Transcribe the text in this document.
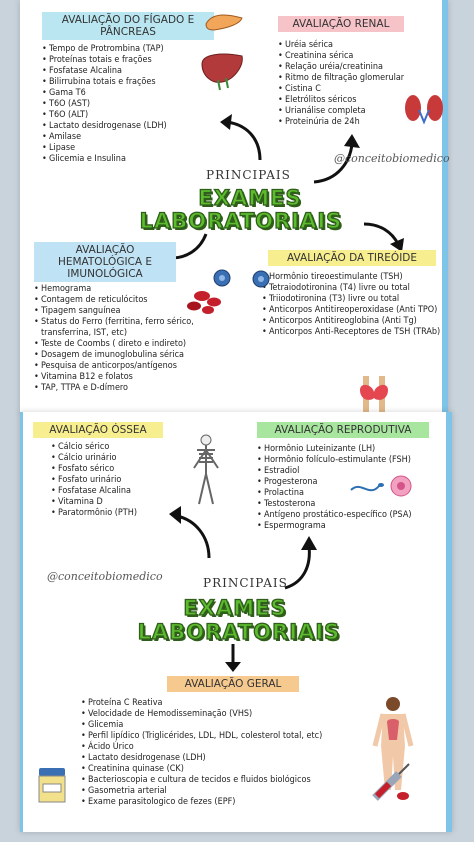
AVALIAÇÃO DO FÍGADO E PÂNCREAS
• Tempo de Protrombina (TAP)
• Proteínas totais e frações
• Fosfatase Alcalina
• Bilirrubina totais e frações
• Gama T6
• T6O (AST)
• T6O (ALT)
• Lactato desidrogenase (LDH)
• Amilase
• Lipase
• Glicemia e Insulina
AVALIAÇÃO RENAL
• Uréia sérica
• Creatinina sérica
• Relação uréia/creatinina
• Ritmo de filtração glomerular
• Cistina C
• Eletrólitos séricos
• Urianálise completa
• Proteinúria de 24h
PRINCIPAIS
EXAMES
LABORATORIAIS
@conceitobiomedico
AVALIAÇÃO HEMATOLÓGICA E IMUNOLÓGICA
• Hemograma
• Contagem de reticulócitos
• Tipagem sanguínea
• Status do Ferro (ferritina, ferro sérico, transferrina, IST, etc)
• Teste de Coombs ( direto e indireto)
• Dosagem de imunoglobulina sérica
• Pesquisa de anticorpos/antígenos
• Vitamina B12 e folatos
• TAP, TTPA e D-dímero
AVALIAÇÃO DA TIREÓIDE
• Hormônio tireoestimulante (TSH)
• Tetraiodotironina (T4) livre ou total
• Triiodotironina (T3) livre ou total
• Anticorpos Antitireoperoxidase (Anti TPO)
• Anticorpos Antitireoglobina (Anti Tg)
• Anticorpos Anti-Receptores de TSH (TRAb)
AVALIAÇÃO ÓSSEA
• Cálcio sérico
• Cálcio urinário
• Fosfato sérico
• Fosfato urinário
• Fosfatase Alcalina
• Vitamina D
• Paratormônio (PTH)
AVALIAÇÃO REPRODUTIVA
• Hormônio Luteinizante (LH)
• Hormônio folículo-estimulante (FSH)
• Estradiol
• Progesterona
• Prolactina
• Testosterona
• Antígeno prostático-específico (PSA)
• Espermograma
@conceitobiomedico	PRINCIPAIS
EXAMES
LABORATORIAIS
AVALIAÇÃO GERAL
• Proteína C Reativa
• Velocidade de Hemodisseminação (VHS)
• Glicemia
• Perfil lipídico (Triglicérides, LDL, HDL, colesterol total, etc)
• Ácido Úrico
• Lactato desidrogenase (LDH)
• Creatinina quinase (CK)
• Bacterioscopia e cultura de tecidos e fluidos biológicos
• Gasometria arterial
• Exame parasitologico de fezes (EPF)
